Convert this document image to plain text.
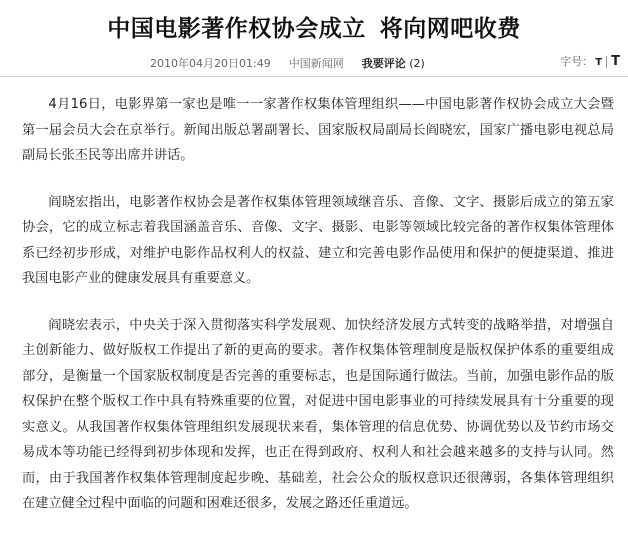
中国电影著作权协会成立 将向网吧收费
2010年04月20日01:49 中国新闻网 我要评论 (2)	字号： T T

4月16日，电影界第一家也是唯一一家著作权集体管理组织——中国电影著作权协会成立大会暨第一届会员大会在京举行。新闻出版总署副署长、国家版权局副局长阎晓宏，国家广播电影电视总局副局长张丕民等出席并讲话。

阎晓宏指出，电影著作权协会是著作权集体管理领域继音乐、音像、文字、摄影后成立的第五家协会，它的成立标志着我国涵盖音乐、音像、文字、摄影、电影等领域比较完备的著作权集体管理体系已经初步形成，对维护电影作品权利人的权益、建立和完善电影作品使用和保护的便捷渠道、推进我国电影产业的健康发展具有重要意义。

阎晓宏表示，中央关于深入贯彻落实科学发展观、加快经济发展方式转变的战略举措，对增强自主创新能力、做好版权工作提出了新的更高的要求。著作权集体管理制度是版权保护体系的重要组成部分，是衡量一个国家版权制度是否完善的重要标志，也是国际通行做法。当前，加强电影作品的版权保护在整个版权工作中具有特殊重要的位置，对促进中国电影事业的可持续发展具有十分重要的现实意义。从我国著作权集体管理组织发展现状来看，集体管理的信息优势、协调优势以及节约市场交易成本等功能已经得到初步体现和发挥，也正在得到政府、权利人和社会越来越多的支持与认同。然而，由于我国著作权集体管理制度起步晚、基础差，社会公众的版权意识还很薄弱，各集体管理组织在建立健全过程中面临的问题和困难还很多，发展之路还任重道远。
